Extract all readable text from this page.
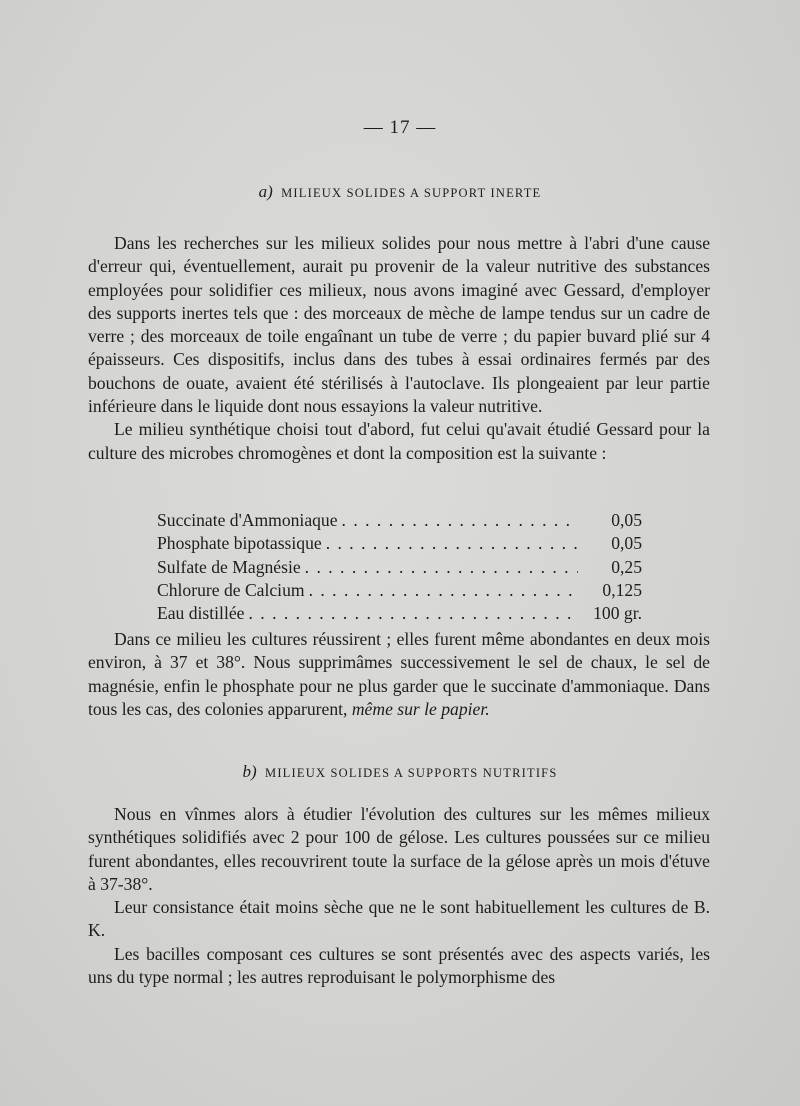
— 17 —
a) MILIEUX SOLIDES A SUPPORT INERTE

Dans les recherches sur les milieux solides pour nous mettre à l'abri d'une cause d'erreur qui, éventuellement, aurait pu provenir de la valeur nutritive des substances employées pour solidifier ces milieux, nous avons imaginé avec Gessard, d'employer des supports inertes tels que : des morceaux de mèche de lampe tendus sur un cadre de verre ; des morceaux de toile engaînant un tube de verre ; du papier buvard plié sur 4 épaisseurs. Ces dispositifs, inclus dans des tubes à essai ordinaires fermés par des bouchons de ouate, avaient été stérilisés à l'autoclave. Ils plongeaient par leur partie inférieure dans le liquide dont nous essayions la valeur nutritive.

Le milieu synthétique choisi tout d'abord, fut celui qu'avait étudié Gessard pour la culture des microbes chromogènes et dont la composition est la suivante :

Succinate d'Ammoniaque . . .	0,05
Phosphate bipotassique . . .	0,05
Sulfate de Magnésie . . .	0,25
Chlorure de Calcium . . .	0,125
Eau distillée . . .	100 gr.

Dans ce milieu les cultures réussirent ; elles furent même abondantes en deux mois environ, à 37 et 38°. Nous supprimâmes successivement le sel de chaux, le sel de magnésie, enfin le phosphate pour ne plus garder que le succinate d'ammoniaque. Dans tous les cas, des colonies apparurent, même sur le papier.

b) MILIEUX SOLIDES A SUPPORTS NUTRITIFS

Nous en vînmes alors à étudier l'évolution des cultures sur les mêmes milieux synthétiques solidifiés avec 2 pour 100 de gélose. Les cultures poussées sur ce milieu furent abondantes, elles recouvrirent toute la surface de la gélose après un mois d'étuve à 37-38°.

Leur consistance était moins sèche que ne le sont habituellement les cultures de B. K.

Les bacilles composant ces cultures se sont présentés avec des aspects variés, les uns du type normal ; les autres reproduisant le polymorphisme des
